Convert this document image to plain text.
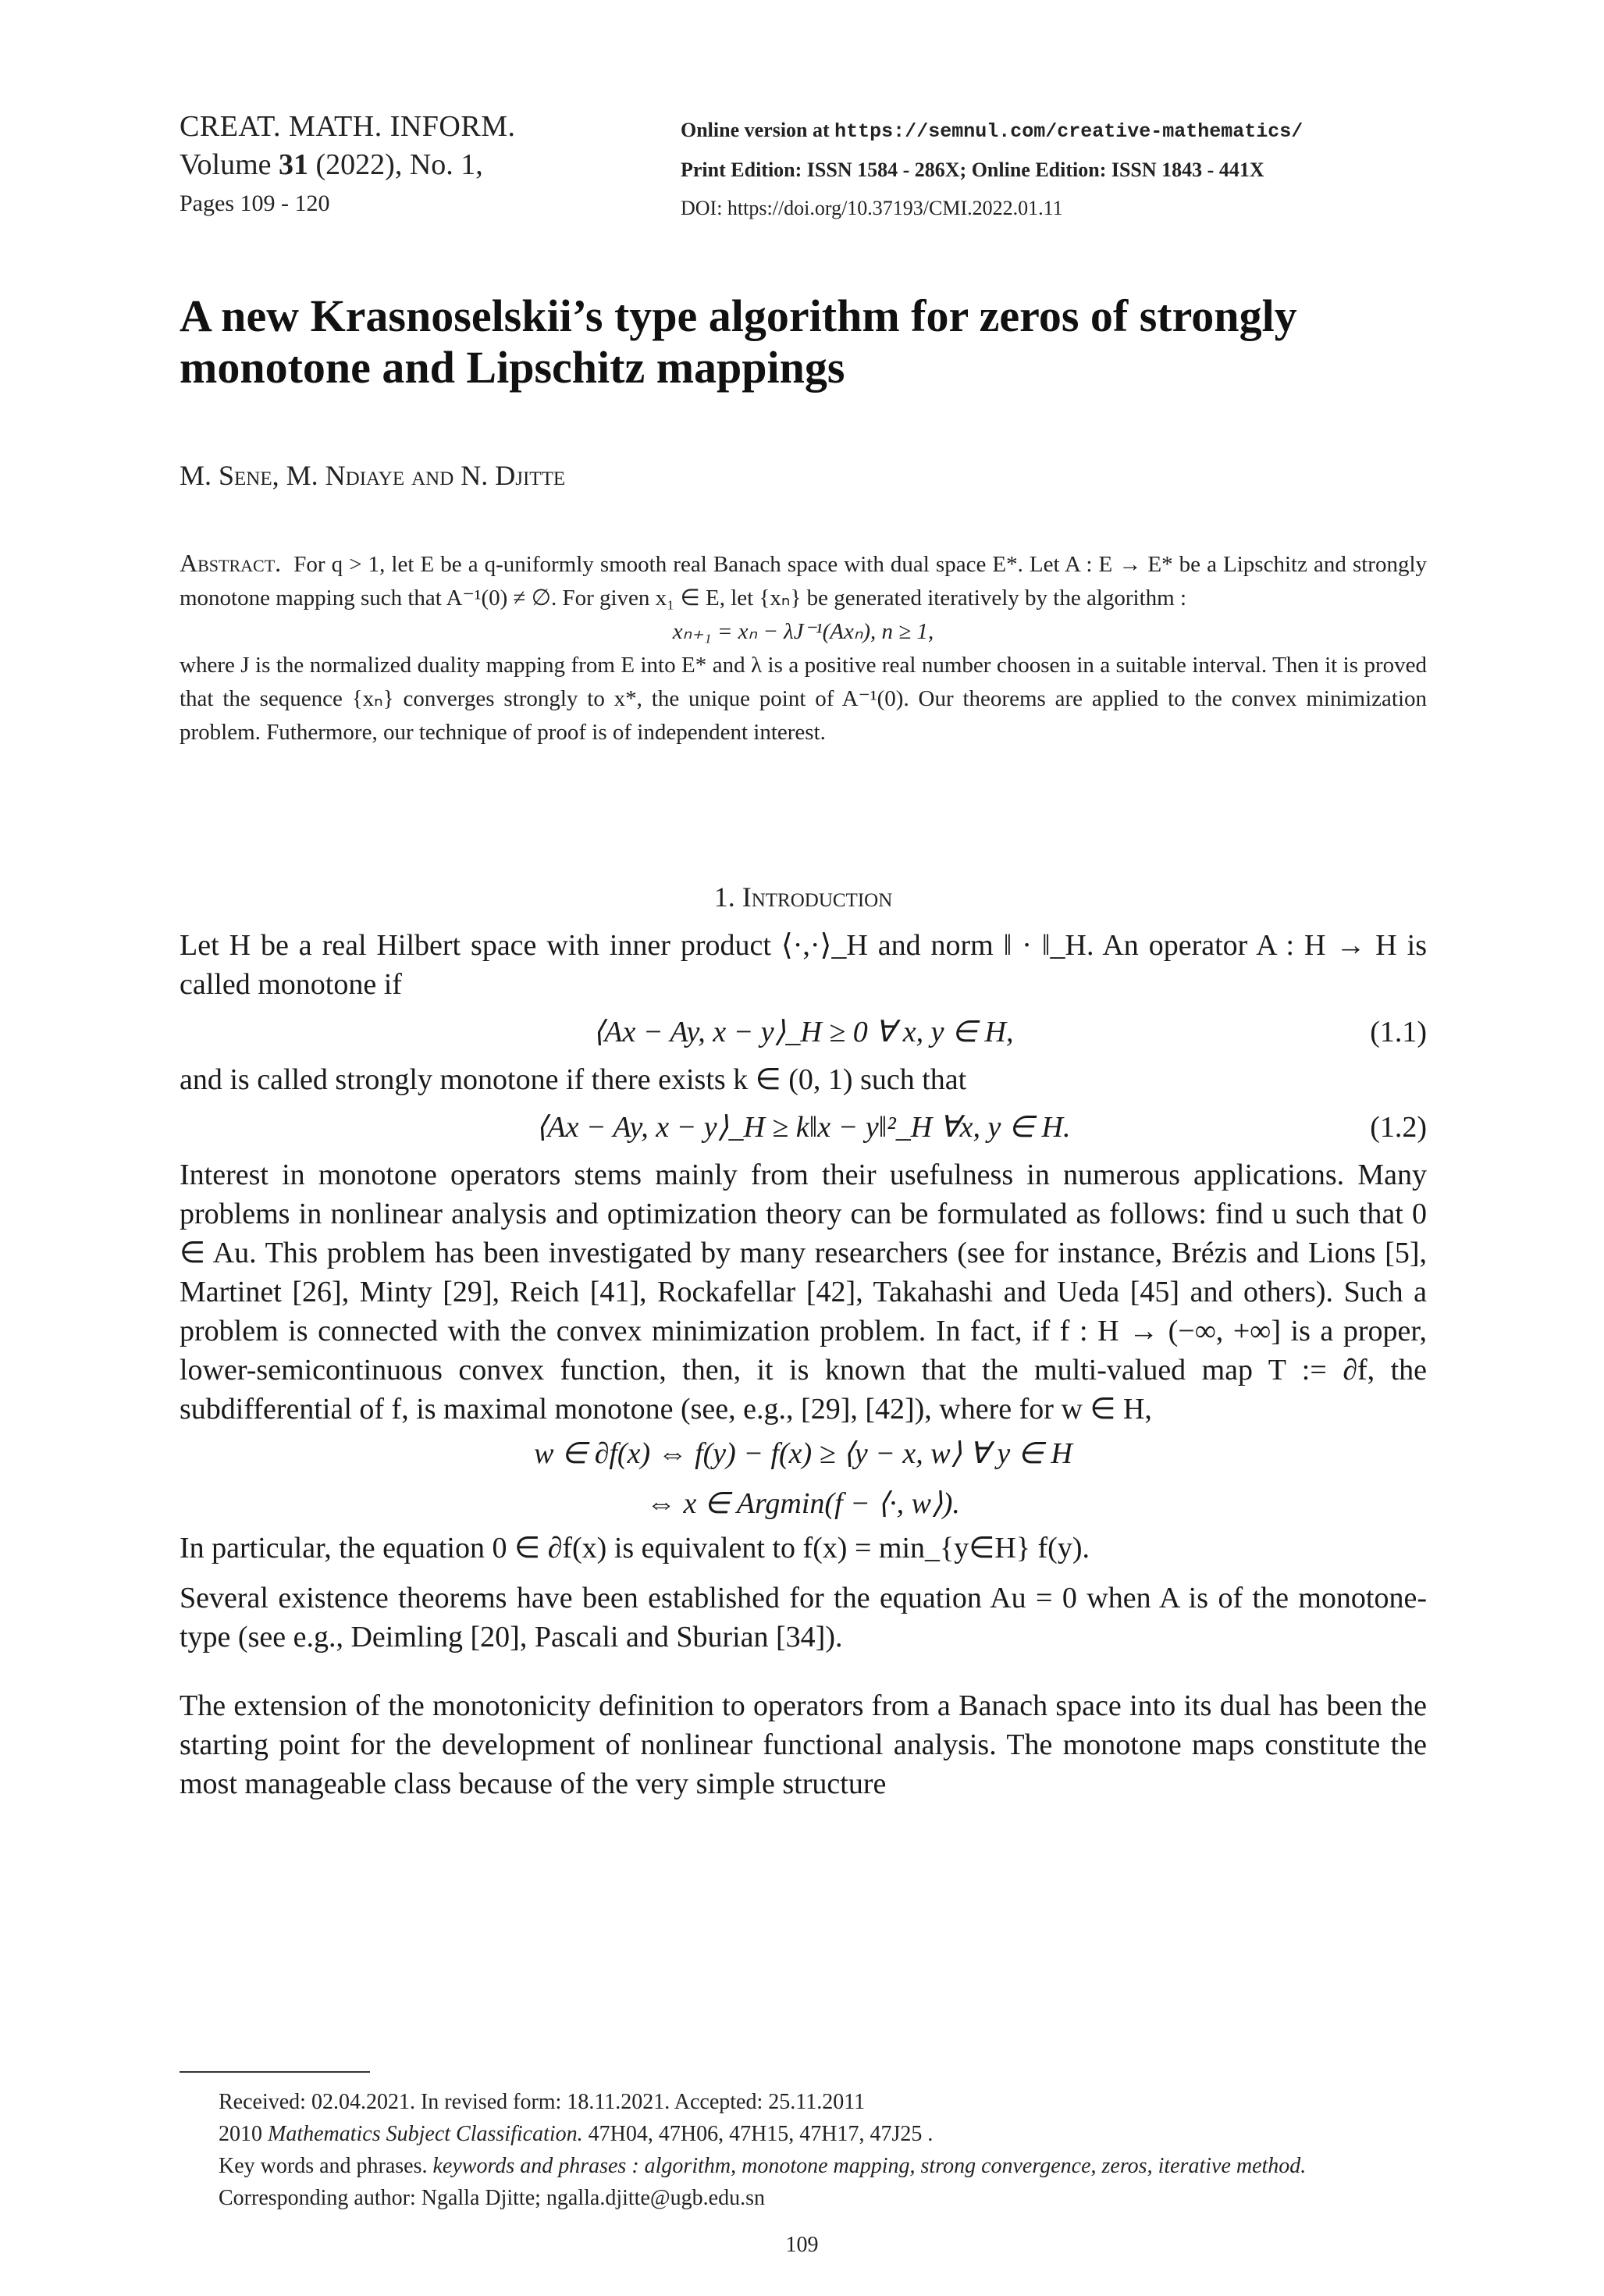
CREAT. MATH. INFORM.
Volume 31 (2022), No. 1,
Pages 109 - 120
Online version at https://semnul.com/creative-mathematics/
Print Edition: ISSN 1584 - 286X; Online Edition: ISSN 1843 - 441X
DOI: https://doi.org/10.37193/CMI.2022.01.11
A new Krasnoselskii’s type algorithm for zeros of strongly monotone and Lipschitz mappings
M. Sene, M. Ndiaye and N. Djitte
Abstract. For q > 1, let E be a q-uniformly smooth real Banach space with dual space E*. Let A : E → E* be a Lipschitz and strongly monotone mapping such that A⁻¹(0) ≠ ∅. For given x₁ ∈ E, let {xₙ} be generated iteratively by the algorithm :
xₙ₊₁ = xₙ − λJ⁻¹(Axₙ), n ≥ 1,
where J is the normalized duality mapping from E into E* and λ is a positive real number choosen in a suitable interval. Then it is proved that the sequence {xₙ} converges strongly to x*, the unique point of A⁻¹(0). Our theorems are applied to the convex minimization problem. Futhermore, our technique of proof is of independent interest.
1. Introduction

Let H be a real Hilbert space with inner product ⟨·,·⟩_H and norm ‖ · ‖_H. An operator A : H → H is called monotone if

⟨Ax − Ay, x − y⟩_H ≥ 0 ∀ x, y ∈ H,	(1.1)

and is called strongly monotone if there exists k ∈ (0, 1) such that

⟨Ax − Ay, x − y⟩_H ≥ k‖x − y‖²_H ∀x, y ∈ H.	(1.2)

Interest in monotone operators stems mainly from their usefulness in numerous applications. Many problems in nonlinear analysis and optimization theory can be formulated as follows: find u such that 0 ∈ Au. This problem has been investigated by many researchers (see for instance, Brézis and Lions [5], Martinet [26], Minty [29], Reich [41], Rockafellar [42], Takahashi and Ueda [45] and others). Such a problem is connected with the convex minimization problem. In fact, if f : H → (−∞, +∞] is a proper, lower-semicontinuous convex function, then, it is known that the multi-valued map T := ∂f, the subdifferential of f, is maximal monotone (see, e.g., [29], [42]), where for w ∈ H,

w ∈ ∂f(x) ⇔ f(y) − f(x) ≥ ⟨y − x, w⟩ ∀ y ∈ H
⇔ x ∈ Argmin(f − ⟨·, w⟩).

In particular, the equation 0 ∈ ∂f(x) is equivalent to f(x) = min_{y∈H} f(y).

Several existence theorems have been established for the equation Au = 0 when A is of the monotone-type (see e.g., Deimling [20], Pascali and Sburian [34]).

The extension of the monotonicity definition to operators from a Banach space into its dual has been the starting point for the development of nonlinear functional analysis. The monotone maps constitute the most manageable class because of the very simple structure

Received: 02.04.2021. In revised form: 18.11.2021. Accepted: 25.11.2011
2010 Mathematics Subject Classification. 47H04, 47H06, 47H15, 47H17, 47J25 .
Key words and phrases. keywords and phrases : algorithm, monotone mapping, strong convergence, zeros, iterative method.
Corresponding author: Ngalla Djitte; ngalla.djitte@ugb.edu.sn
109
